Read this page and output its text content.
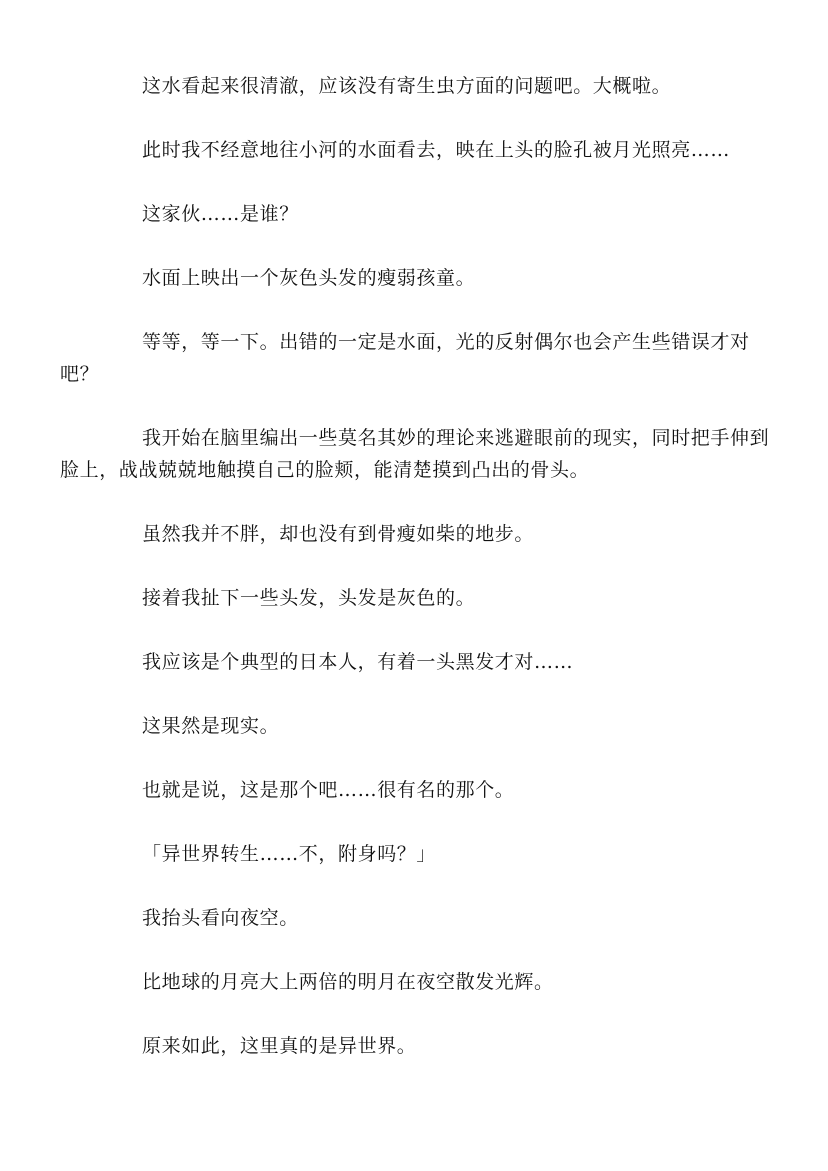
这水看起来很清澈，应该没有寄生虫方面的问题吧。大概啦。

此时我不经意地往小河的水面看去，映在上头的脸孔被月光照亮……

这家伙……是谁？

水面上映出一个灰色头发的瘦弱孩童。

等等，等一下。出错的一定是水面，光的反射偶尔也会产生些错误才对吧？

我开始在脑里编出一些莫名其妙的理论来逃避眼前的现实，同时把手伸到脸上，战战兢兢地触摸自己的脸颊，能清楚摸到凸出的骨头。

虽然我并不胖，却也没有到骨瘦如柴的地步。

接着我扯下一些头发，头发是灰色的。

我应该是个典型的日本人，有着一头黑发才对……

这果然是现实。

也就是说，这是那个吧……很有名的那个。

「异世界转生……不，附身吗？」

我抬头看向夜空。

比地球的月亮大上两倍的明月在夜空散发光辉。

原来如此，这里真的是异世界。
